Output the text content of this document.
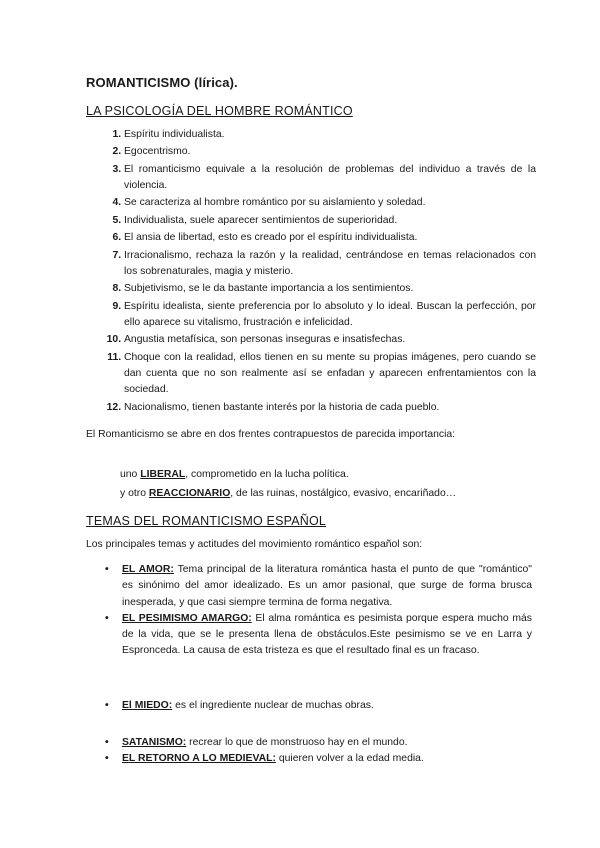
ROMANTICISMO (lírica).
LA PSICOLOGÍA DEL HOMBRE ROMÁNTICO
1. Espíritu individualista.
2. Egocentrismo.
3. El romanticismo equivale a la resolución de problemas del individuo a través de la violencia.
4. Se caracteriza al hombre romántico por su aislamiento y soledad.
5. Individualista, suele aparecer sentimientos de superioridad.
6. El ansia de libertad, esto es creado por el espíritu individualista.
7. Irracionalismo, rechaza la razón y la realidad, centrándose en temas relacionados con los sobrenaturales, magia y misterio.
8. Subjetivismo, se le da bastante importancia a los sentimientos.
9. Espíritu idealista, siente preferencia por lo absoluto y lo ideal. Buscan la perfección, por ello aparece su vitalismo, frustración e infelicidad.
10. Angustia metafísica, son personas inseguras e insatisfechas.
11. Choque con la realidad, ellos tienen en su mente su propias imágenes, pero cuando se dan cuenta que no son realmente así se enfadan y aparecen enfrentamientos con la sociedad.
12. Nacionalismo, tienen bastante interés por la historia de cada pueblo.
El Romanticismo se abre en dos frentes contrapuestos de parecida importancia:
uno LIBERAL, comprometido en la lucha política.
y otro REACCIONARIO, de las ruinas, nostálgico, evasivo, encariñado…
TEMAS DEL ROMANTICISMO ESPAÑOL
Los principales temas y actitudes del movimiento romántico español son:
• EL AMOR: Tema principal de la literatura romántica hasta el punto de que "romántico" es sinónimo del amor idealizado. Es un amor pasional, que surge de forma brusca inesperada, y que casi siempre termina de forma negativa.
• EL PESIMISMO AMARGO: El alma romántica es pesimista porque espera mucho más de la vida, que se le presenta llena de obstáculos.Este pesimismo se ve en Larra y Espronceda. La causa de esta tristeza es que el resultado final es un fracaso.
• El MIEDO: es el ingrediente nuclear de muchas obras.
• SATANISMO: recrear lo que de monstruoso hay en el mundo.
• EL RETORNO A LO MEDIEVAL: quieren volver a la edad media.
